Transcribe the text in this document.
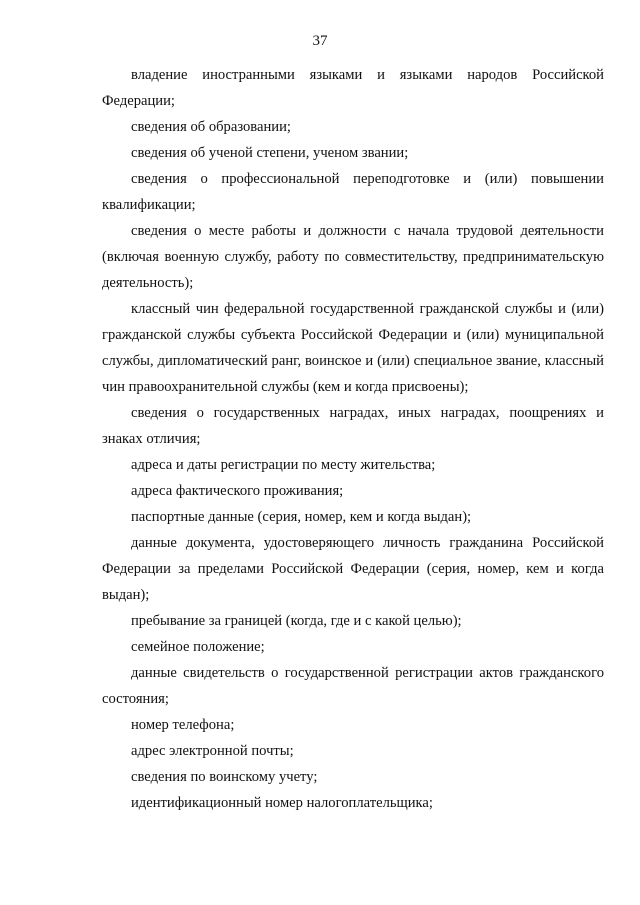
37

владение иностранными языками и языками народов Российской Федерации;

сведения об образовании;

сведения об ученой степени, ученом звании;

сведения о профессиональной переподготовке и (или) повышении квалификации;

сведения о месте работы и должности с начала трудовой деятельности (включая военную службу, работу по совместительству, предпринимательскую деятельность);

классный чин федеральной государственной гражданской службы и (или) гражданской службы субъекта Российской Федерации и (или) муниципальной службы, дипломатический ранг, воинское и (или) специальное звание, классный чин правоохранительной службы (кем и когда присвоены);

сведения о государственных наградах, иных наградах, поощрениях и знаках отличия;

адреса и даты регистрации по месту жительства;

адреса фактического проживания;

паспортные данные (серия, номер, кем и когда выдан);

данные документа, удостоверяющего личность гражданина Российской Федерации за пределами Российской Федерации (серия, номер, кем и когда выдан);

пребывание за границей (когда, где и с какой целью);

семейное положение;

данные свидетельств о государственной регистрации актов гражданского состояния;

номер телефона;

адрес электронной почты;

сведения по воинскому учету;

идентификационный номер налогоплательщика;
